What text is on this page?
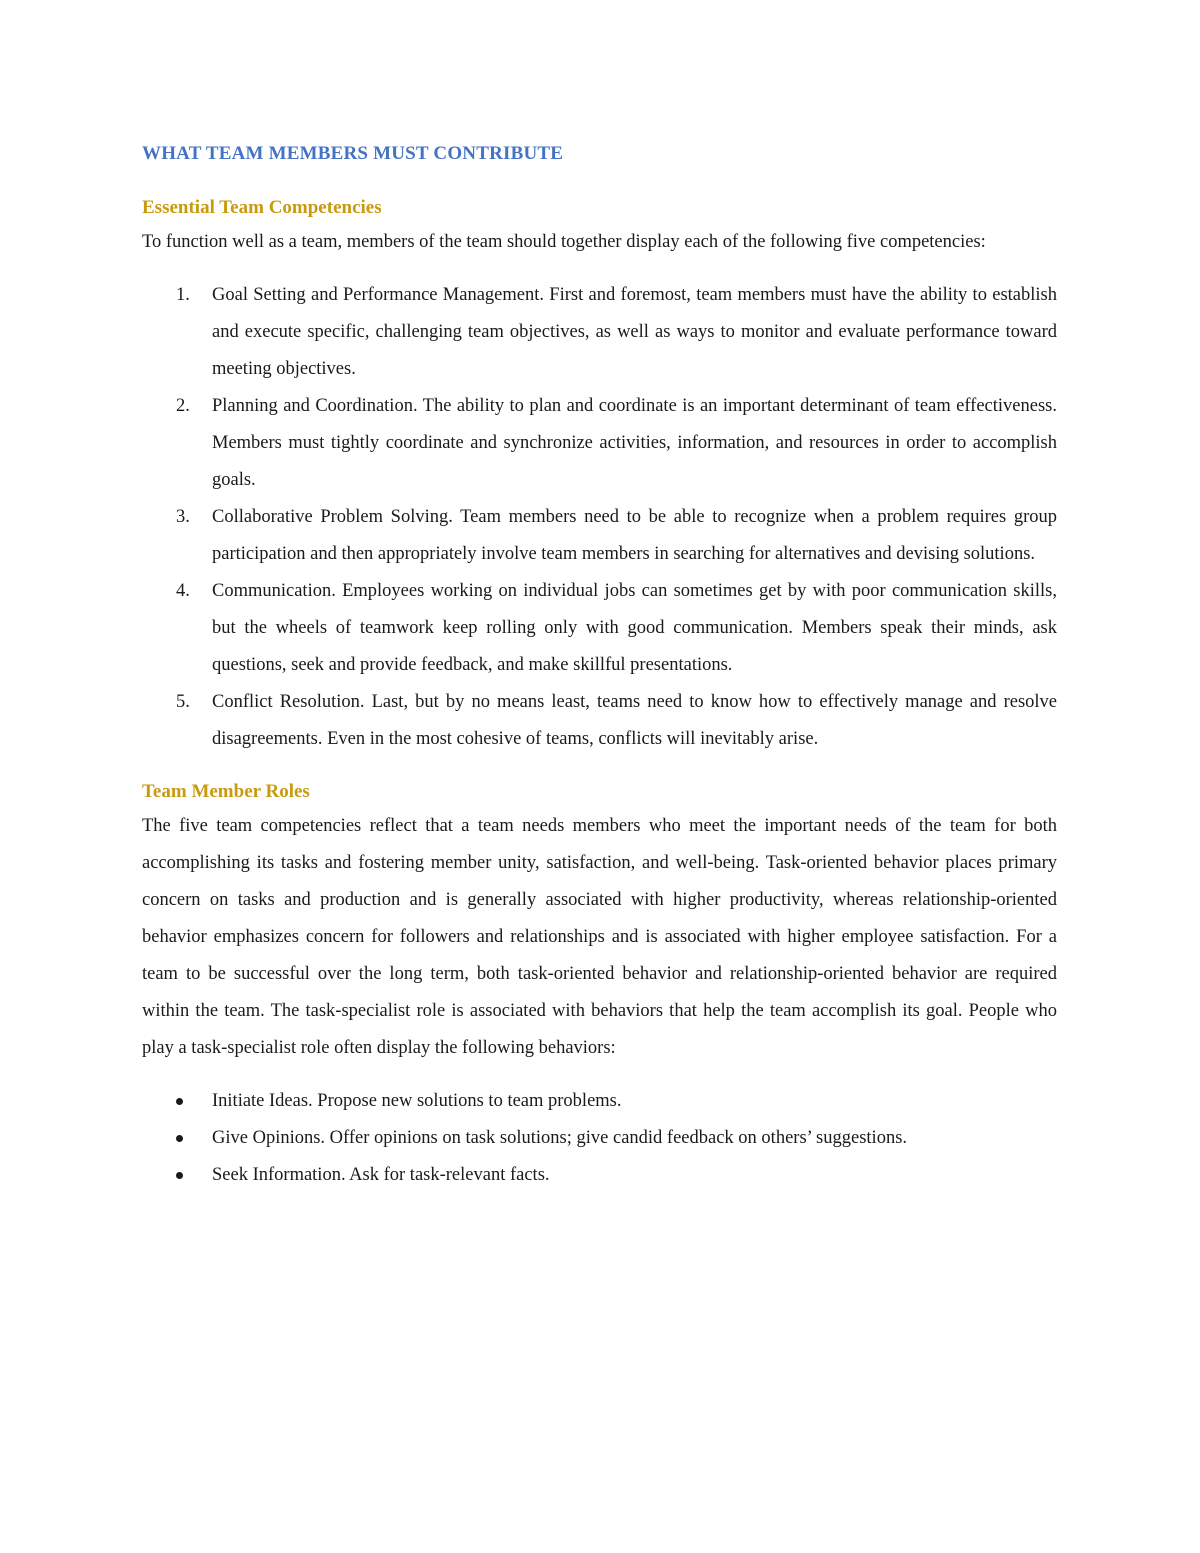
WHAT TEAM MEMBERS MUST CONTRIBUTE
Essential Team Competencies

To function well as a team, members of the team should together display each of the following five competencies:

1. Goal Setting and Performance Management. First and foremost, team members must have the ability to establish and execute specific, challenging team objectives, as well as ways to monitor and evaluate performance toward meeting objectives.
2. Planning and Coordination. The ability to plan and coordinate is an important determinant of team effectiveness. Members must tightly coordinate and synchronize activities, information, and resources in order to accomplish goals.
3. Collaborative Problem Solving. Team members need to be able to recognize when a problem requires group participation and then appropriately involve team members in searching for alternatives and devising solutions.
4. Communication. Employees working on individual jobs can sometimes get by with poor communication skills, but the wheels of teamwork keep rolling only with good communication. Members speak their minds, ask questions, seek and provide feedback, and make skillful presentations.
5. Conflict Resolution. Last, but by no means least, teams need to know how to effectively manage and resolve disagreements. Even in the most cohesive of teams, conflicts will inevitably arise.
Team Member Roles

The five team competencies reflect that a team needs members who meet the important needs of the team for both accomplishing its tasks and fostering member unity, satisfaction, and well-being. Task-oriented behavior places primary concern on tasks and production and is generally associated with higher productivity, whereas relationship-oriented behavior emphasizes concern for followers and relationships and is associated with higher employee satisfaction. For a team to be successful over the long term, both task-oriented behavior and relationship-oriented behavior are required within the team. The task-specialist role is associated with behaviors that help the team accomplish its goal. People who play a task-specialist role often display the following behaviors:

Initiate Ideas. Propose new solutions to team problems.
Give Opinions. Offer opinions on task solutions; give candid feedback on others’ suggestions.
Seek Information. Ask for task-relevant facts.
